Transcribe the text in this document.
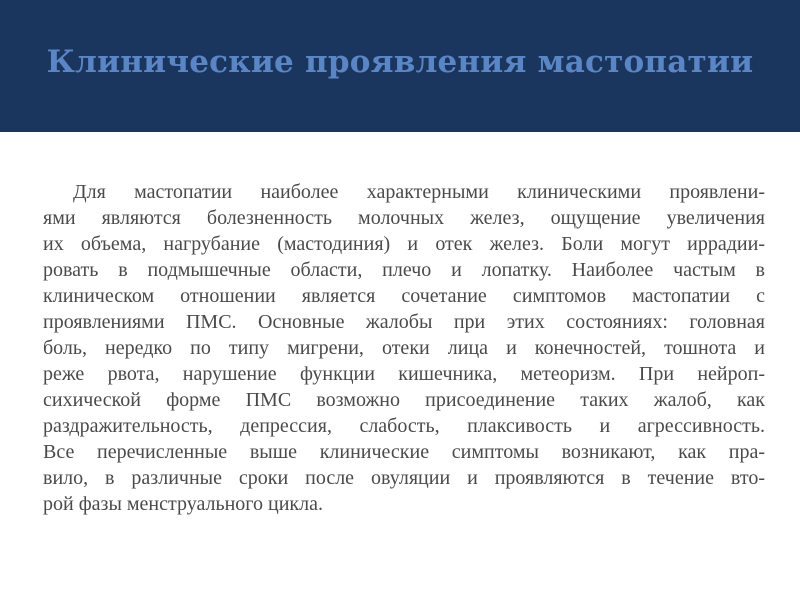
Клинические проявления мастопатии
Для мастопатии наиболее характерными клиническими проявлени-
ями являются болезненность молочных желез, ощущение увеличения
их объема, нагрубание (мастодиния) и отек желез. Боли могут иррадии-
ровать в подмышечные области, плечо и лопатку. Наиболее частым в
клиническом отношении является сочетание симптомов мастопатии с
проявлениями ПМС. Основные жалобы при этих состояниях: головная
боль, нередко по типу мигрени, отеки лица и конечностей, тошнота и
реже рвота, нарушение функции кишечника, метеоризм. При нейроп-
сихической форме ПМС возможно присоединение таких жалоб, как
раздражительность, депрессия, слабость, плаксивость и агрессивность.
Все перечисленные выше клинические симптомы возникают, как пра-
вило, в различные сроки после овуляции и проявляются в течение вто-
рой фазы менструального цикла.
